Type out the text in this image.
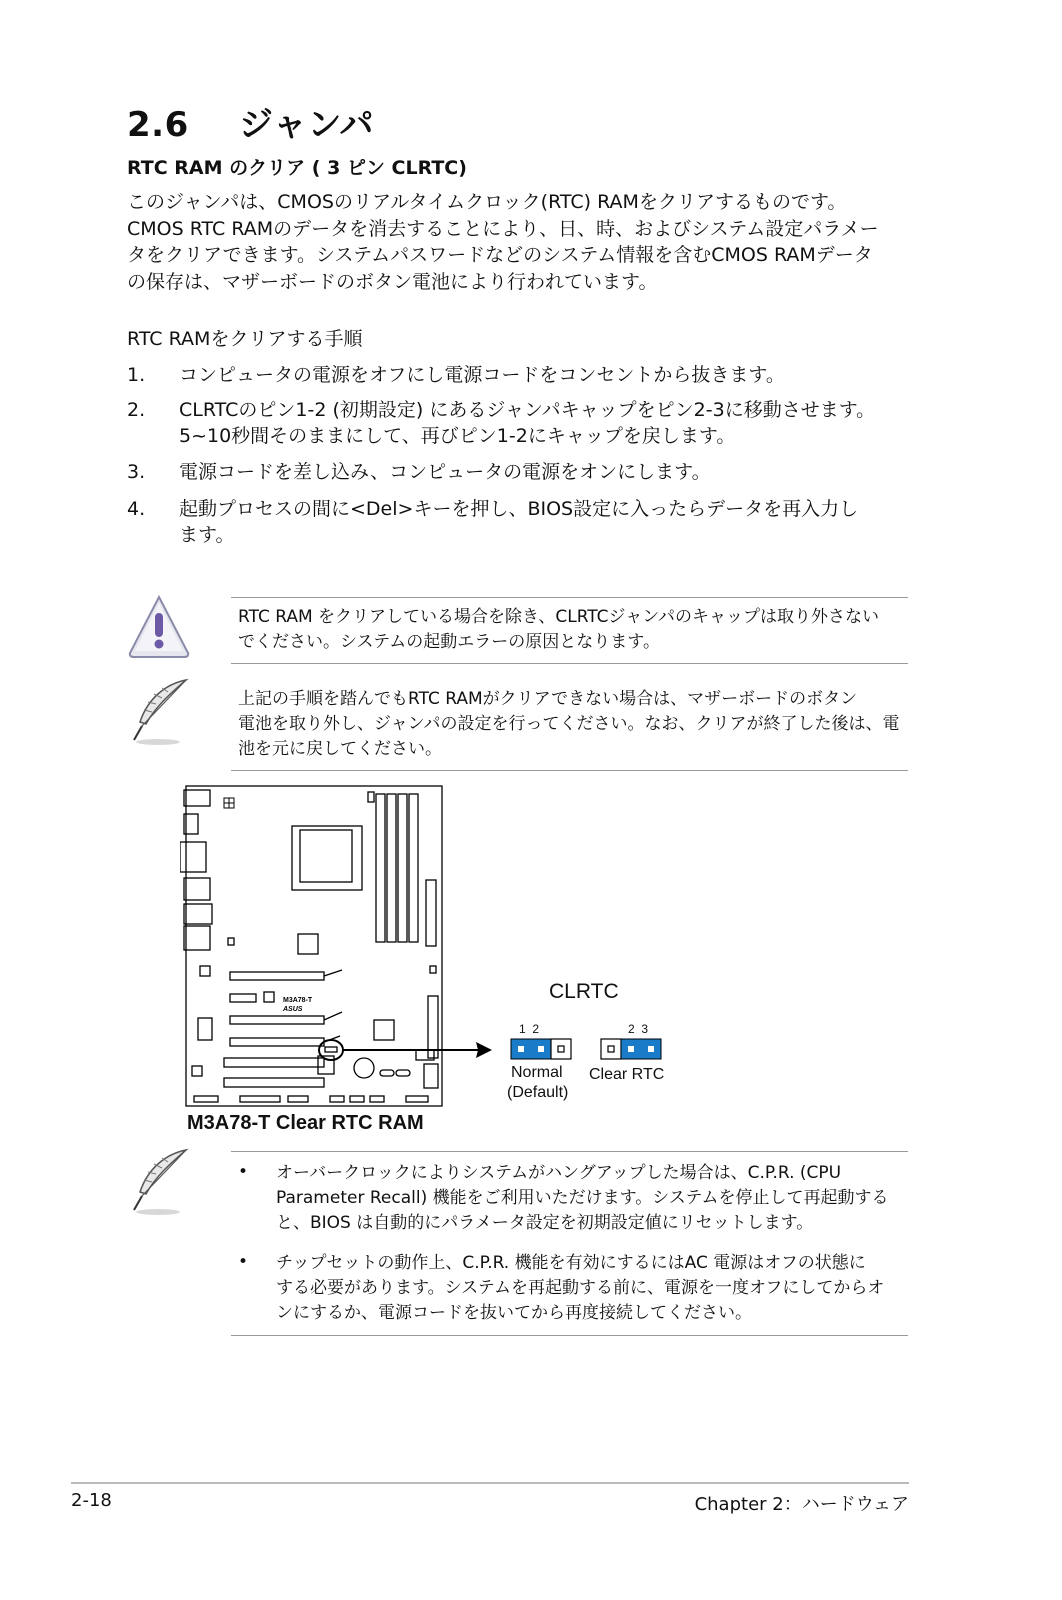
2.6 ジャンパ
RTC RAM のクリア ( 3 ピン CLRTC)
このジャンパは、CMOSのリアルタイムクロック(RTC) RAMをクリアするものです。
CMOS RTC RAMのデータを消去することにより、日、時、およびシステム設定パラメー
タをクリアできます。システムパスワードなどのシステム情報を含むCMOS RAMデータ
の保存は、マザーボードのボタン電池により行われています。
RTC RAMをクリアする手順
1. コンピュータの電源をオフにし電源コードをコンセントから抜きます。
2. CLRTCのピン1-2 (初期設定) にあるジャンパキャップをピン2-3に移動させます。
5~10秒間そのままにして、再びピン1-2にキャップを戻します。
3. 電源コードを差し込み、コンピュータの電源をオンにします。
4. 起動プロセスの間に<Del>キーを押し、BIOS設定に入ったらデータを再入力し
ます。
RTC RAM をクリアしている場合を除き、CLRTCジャンパのキャップは取り外さない
でください。システムの起動エラーの原因となります。
上記の手順を踏んでもRTC RAMがクリアできない場合は、マザーボードのボタン
電池を取り外し、ジャンパの設定を行ってください。なお、クリアが終了した後は、電
池を元に戻してください。
M3A78-T
ASUS
CLRTC
1  2	2  3
Normal
(Default)
Clear RTC
M3A78-T Clear RTC RAM
• オーバークロックによりシステムがハングアップした場合は、C.P.R. (CPU
Parameter Recall) 機能をご利用いただけます。システムを停止して再起動する
と、BIOS は自動的にパラメータ設定を初期設定値にリセットします。
• チップセットの動作上、C.P.R. 機能を有効にするにはAC 電源はオフの状態に
する必要があります。システムを再起動する前に、電源を一度オフにしてからオ
ンにするか、電源コードを抜いてから再度接続してください。
2-18	Chapter 2：ハードウェア
